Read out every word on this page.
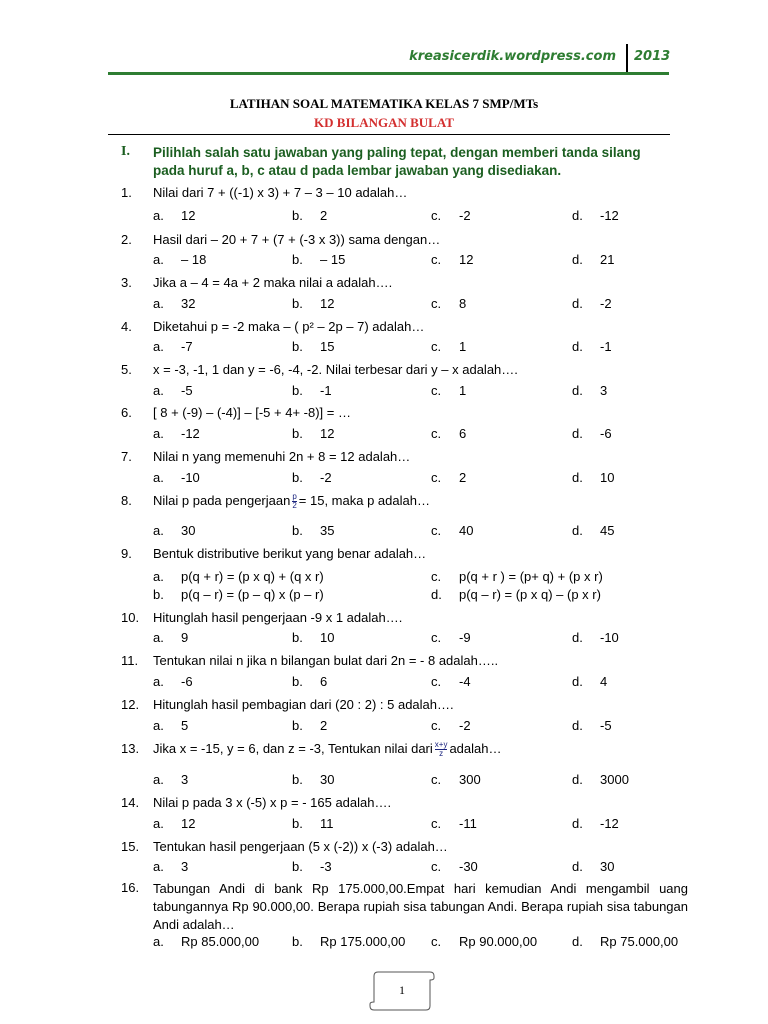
kreasicerdik.wordpress.com 2013
LATIHAN SOAL MATEMATIKA KELAS 7 SMP/MTs
KD BILANGAN BULAT
I. Pilihlah salah satu jawaban yang paling tepat, dengan memberi tanda silang pada huruf a, b, c atau d pada lembar jawaban yang disediakan.
1. Nilai dari 7 + ((-1) x 3) + 7 – 3 – 10 adalah…
a. 12	b. 2	c. -2	d. -12
2. Hasil dari – 20 + 7 + (7 + (-3 x 3)) sama dengan…
a. – 18	b. – 15	c. 12	d. 21
3. Jika a – 4 = 4a + 2 maka nilai a adalah….
a. 32	b. 12	c. 8	d. -2
4. Diketahui p = -2 maka – ( p² – 2p – 7) adalah…
a. -7	b. 15	c. 1	d. -1
5. x = -3, -1, 1 dan y = -6, -4, -2. Nilai terbesar dari y – x adalah….
a. -5	b. -1	c. 1	d. 3
6. [ 8 + (-9) – (-4)] – [-5 + 4+ -8)] = …
a. -12	b. 12	c. 6	d. -6
7. Nilai n yang memenuhi 2n + 8 = 12 adalah…
a. -10	b. -2	c. 2	d. 10
8. Nilai p pada pengerjaan $\frac{p}{2} = 15$, maka p adalah…
a. 30	b. 35	c. 40	d. 45
9. Bentuk distributive berikut yang benar adalah…
a. p(q + r) = (p x q) + (q x r)
b. p(q – r) = (p – q) x (p – r)
c. p(q + r ) = (p+ q) + (p x r)
d. p(q – r) = (p x q) – (p x r)
10. Hitunglah hasil pengerjaan -9 x 1 adalah….
a. 9	b. 10	c. -9	d. -10
11. Tentukan nilai n jika n bilangan bulat dari 2n = - 8 adalah…..
a. -6	b. 6	c. -4	d. 4
12. Hitunglah hasil pembagian dari (20 : 2) : 5 adalah….
a. 5	b. 2	c. -2	d. -5
13. Jika x = -15, y = 6, dan z = -3, Tentukan nilai dari $\frac{x+y}{z}$ adalah…
a. 3	b. 30	c. 300	d. 3000
14. Nilai p pada 3 x (-5) x p = - 165 adalah….
a. 12	b. 11	c. -11	d. -12
15. Tentukan hasil pengerjaan (5 x (-2)) x (-3) adalah…
a. 3	b. -3	c. -30	d. 30
16. Tabungan Andi di bank Rp 175.000,00.Empat hari kemudian Andi mengambil uang tabungannya Rp 90.000,00. Berapa rupiah sisa tabungan Andi. Berapa rupiah sisa tabungan Andi adalah…
a. Rp 85.000,00	b. Rp 175.000,00 c. Rp 90.000,00	d. Rp 75.000,00
1
